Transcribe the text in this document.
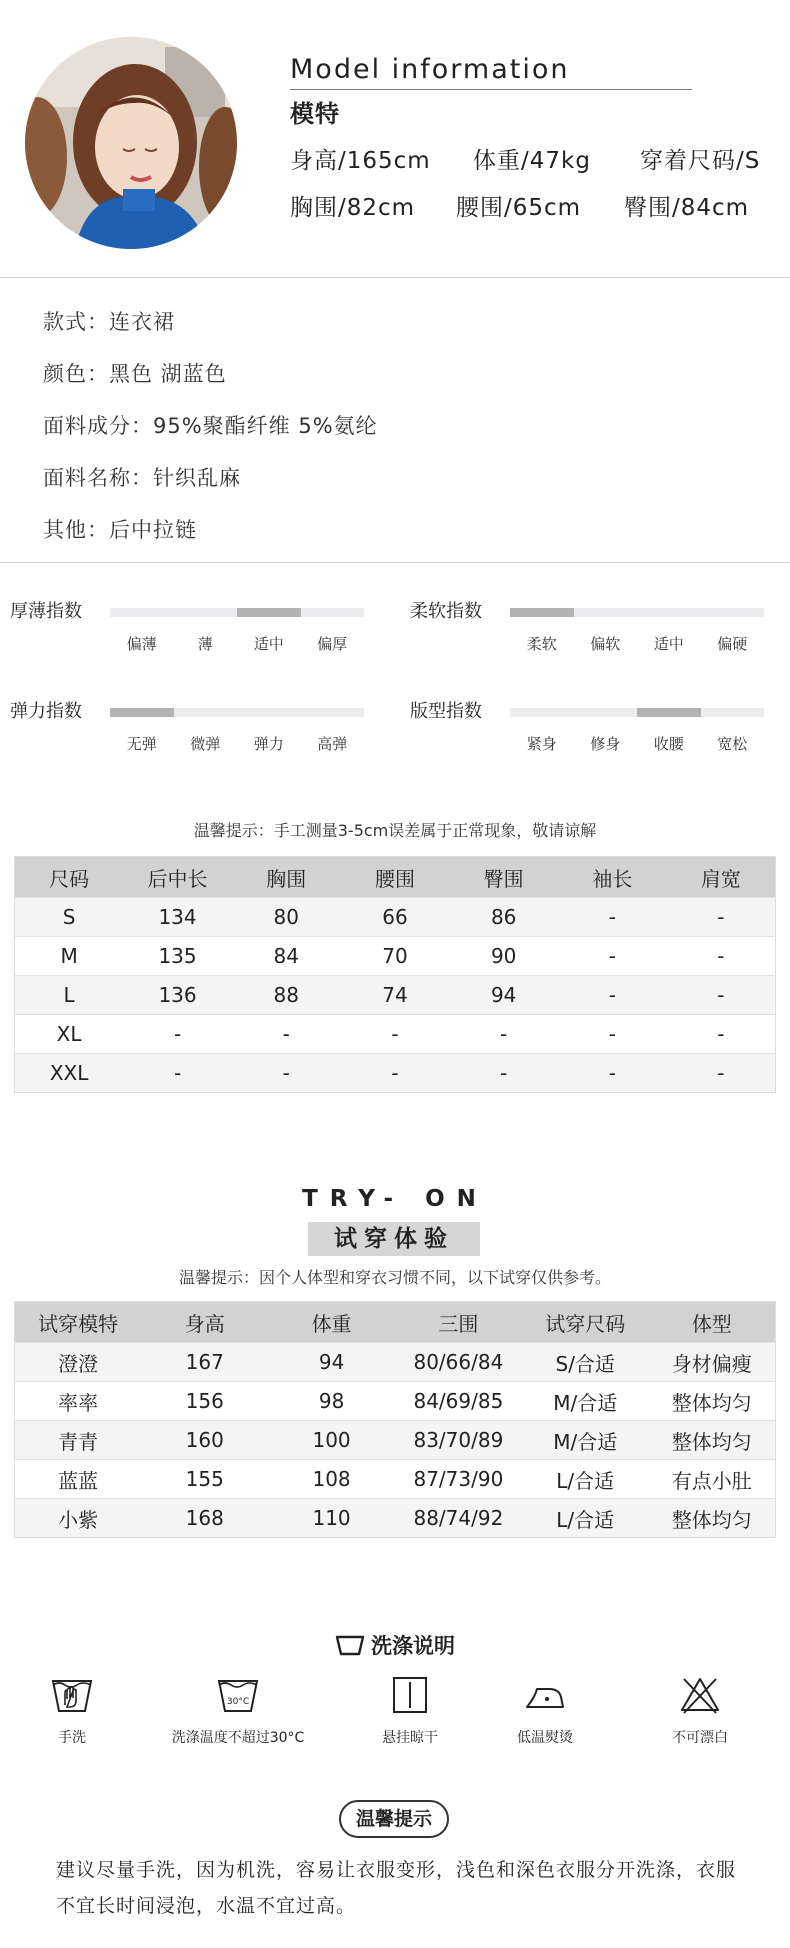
Model information
模特
身高/165cm 体重/47kg 穿着尺码/S
胸围/82cm 腰围/65cm 臀围/84cm
款式：连衣裙
颜色：黑色 湖蓝色
面料成分：95%聚酯纤维 5%氨纶
面料名称：针织乱麻
其他：后中拉链
厚薄指数
偏薄	薄	适中	偏厚
柔软指数
柔软	偏软	适中	偏硬
弹力指数
无弹	微弹	弹力	高弹
版型指数
紧身	修身	收腰	宽松
温馨提示：手工测量3-5cm误差属于正常现象，敬请谅解
尺码	后中长	胸围	腰围	臀围	袖长	肩宽
S	134	80	66	86	-	-
M	135	84	70	90	-	-
L	136	88	74	94	-	-
XL	-	-	-	-	-	-
XXL	-	-	-	-	-	-
TRY- ON
试穿体验
温馨提示：因个人体型和穿衣习惯不同，以下试穿仅供参考。
试穿模特	身高	体重	三围	试穿尺码	体型
澄澄	167	94	80/66/84	S/合适	身材偏瘦
率率	156	98	84/69/85	M/合适	整体均匀
青青	160	100	83/70/89	M/合适	整体均匀
蓝蓝	155	108	87/73/90	L/合适	有点小肚
小紫	168	110	88/74/92	L/合适	整体均匀
洗涤说明
手洗
30°C
洗涤温度不超过30°C	悬挂晾干	低温熨烫	不可漂白
温馨提示
建议尽量手洗，因为机洗，容易让衣服变形，浅色和深色衣服分开洗涤，衣服不宜长时间浸泡，水温不宜过高。
